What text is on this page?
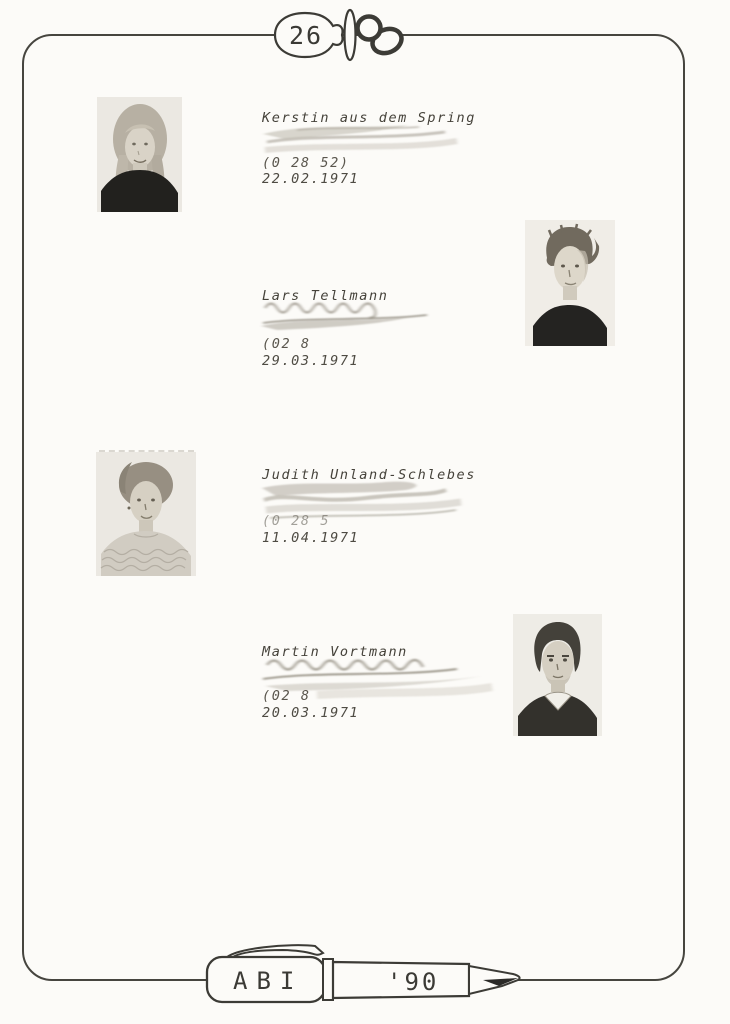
26
Kerstin aus dem Spring
(0 28 52)
22.02.1971
Lars Tellmann
(02 8
29.03.1971
Judith Unland-Schlebes
(0 28 5
11.04.1971
Martin Vortmann
(02 8
20.03.1971
ABI	'90
